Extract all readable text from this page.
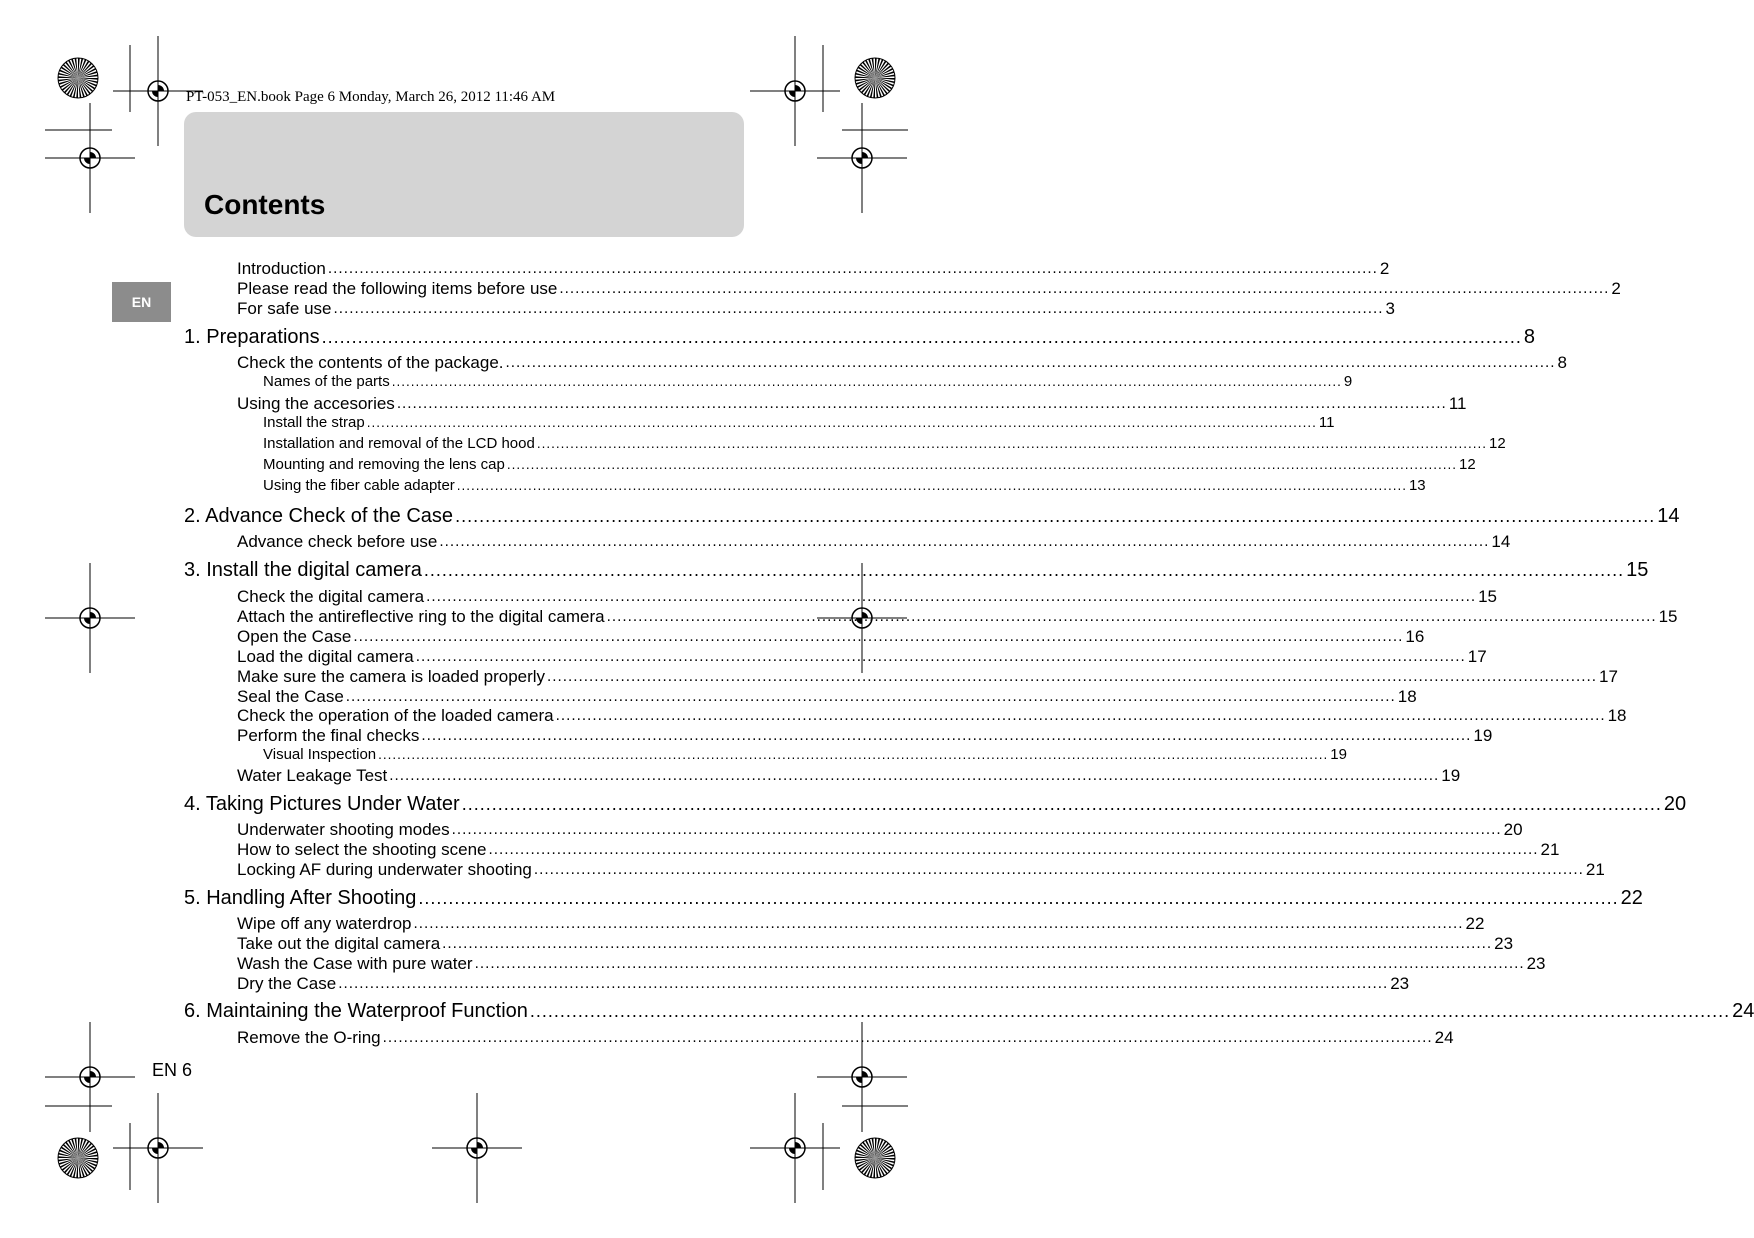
PT-053_EN.book Page 6 Monday, March 26, 2012 11:46 AM
Contents
EN
Introduction ........................................................................................................................................................................................................ 2
Please read the following items before use ........................................................................................................................................................................................................ 2
For safe use ........................................................................................................................................................................................................ 3
1. Preparations ........................................................................................................................................................................................................ 8
Check the contents of the package. ........................................................................................................................................................................................................ 8
Names of the parts ........................................................................................................................................................................................................ 9
Using the accesories ........................................................................................................................................................................................................ 11
Install the strap ........................................................................................................................................................................................................ 11
Installation and removal of the LCD hood ........................................................................................................................................................................................................ 12
Mounting and removing the lens cap ........................................................................................................................................................................................................ 12
Using the fiber cable adapter ........................................................................................................................................................................................................ 13
2. Advance Check of the Case ........................................................................................................................................................................................................ 14
Advance check before use ........................................................................................................................................................................................................ 14
3. Install the digital camera ........................................................................................................................................................................................................ 15
Check the digital camera ........................................................................................................................................................................................................ 15
Attach the antireflective ring to the digital camera ........................................................................................................................................................................................................ 15
Open the Case ........................................................................................................................................................................................................ 16
Load the digital camera ........................................................................................................................................................................................................ 17
Make sure the camera is loaded properly ........................................................................................................................................................................................................ 17
Seal the Case ........................................................................................................................................................................................................ 18
Check the operation of the loaded camera ........................................................................................................................................................................................................ 18
Perform the final checks ........................................................................................................................................................................................................ 19
Visual Inspection ........................................................................................................................................................................................................ 19
Water Leakage Test ........................................................................................................................................................................................................ 19
4. Taking Pictures Under Water ........................................................................................................................................................................................................ 20
Underwater shooting modes ........................................................................................................................................................................................................ 20
How to select the shooting scene ........................................................................................................................................................................................................ 21
Locking AF during underwater shooting ........................................................................................................................................................................................................ 21
5. Handling After Shooting ........................................................................................................................................................................................................ 22
Wipe off any waterdrop ........................................................................................................................................................................................................ 22
Take out the digital camera ........................................................................................................................................................................................................ 23
Wash the Case with pure water ........................................................................................................................................................................................................ 23
Dry the Case ........................................................................................................................................................................................................ 23
6. Maintaining the Waterproof Function ........................................................................................................................................................................................................ 24
Remove the O-ring ........................................................................................................................................................................................................ 24
EN 6
